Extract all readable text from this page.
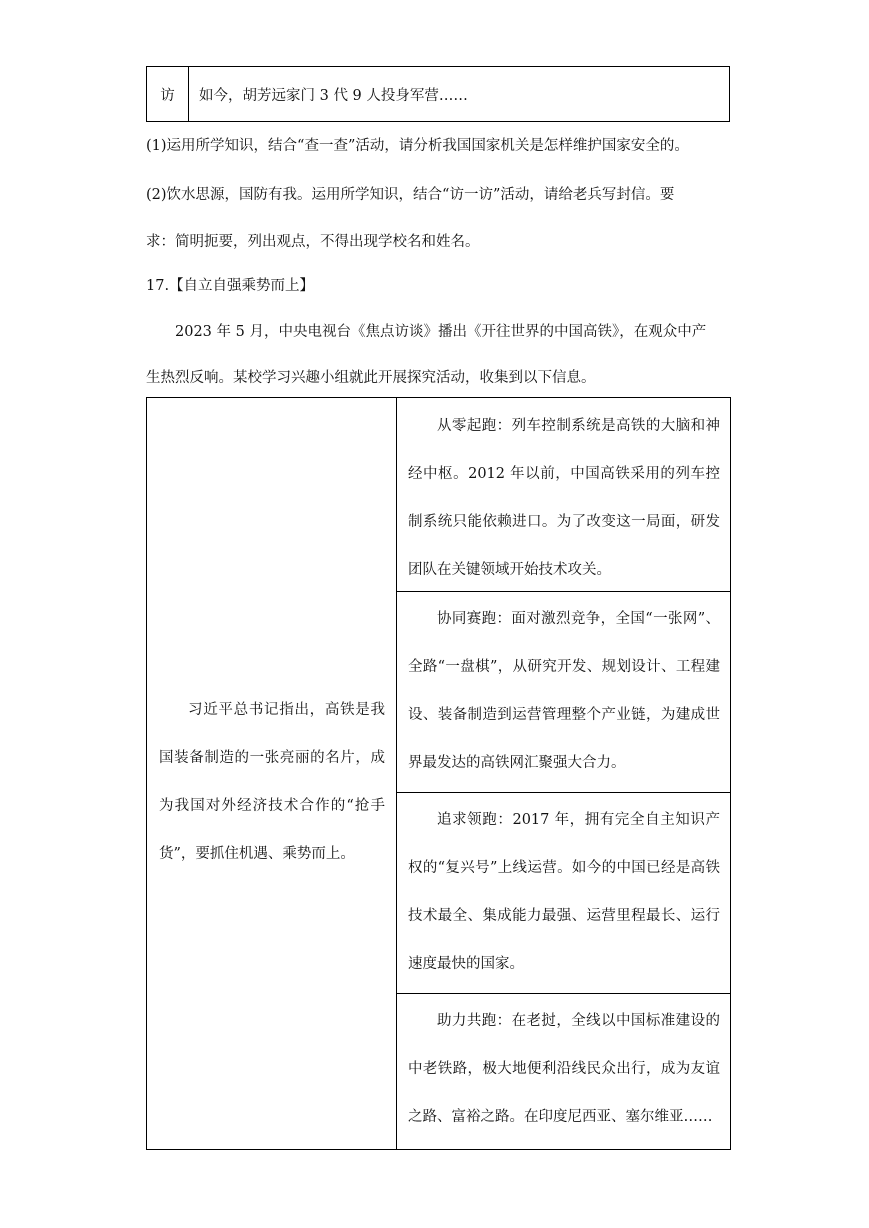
访 如今，胡芳远家门 3 代 9 人投身军营……
(1)运用所学知识，结合“查一查”活动，请分析我国国家机关是怎样维护国家安全的。
(2)饮水思源，国防有我。运用所学知识，结合“访一访”活动，请给老兵写封信。要
求：简明扼要，列出观点，不得出现学校名和姓名。
17.【自立自强乘势而上】
2023 年 5 月，中央电视台《焦点访谈》播出《开往世界的中国高铁》，在观众中产
生热烈反响。某校学习兴趣小组就此开展探究活动，收集到以下信息。
习近平总书记指出，高铁是我国装备制造的一张亮丽的名片，成为我国对外经济技术合作的“抢手货”，要抓住机遇、乘势而上。
从零起跑：列车控制系统是高铁的大脑和神经中枢。2012 年以前，中国高铁采用的列车控制系统只能依赖进口。为了改变这一局面，研发团队在关键领域开始技术攻关。
协同赛跑：面对激烈竞争，全国“一张网”、全路“一盘棋”，从研究开发、规划设计、工程建设、装备制造到运营管理整个产业链，为建成世界最发达的高铁网汇聚强大合力。
追求领跑：2017 年，拥有完全自主知识产权的“复兴号”上线运营。如今的中国已经是高铁技术最全、集成能力最强、运营里程最长、运行速度最快的国家。
助力共跑：在老挝，全线以中国标准建设的中老铁路，极大地便利沿线民众出行，成为友谊之路、富裕之路。在印度尼西亚、塞尔维亚……
